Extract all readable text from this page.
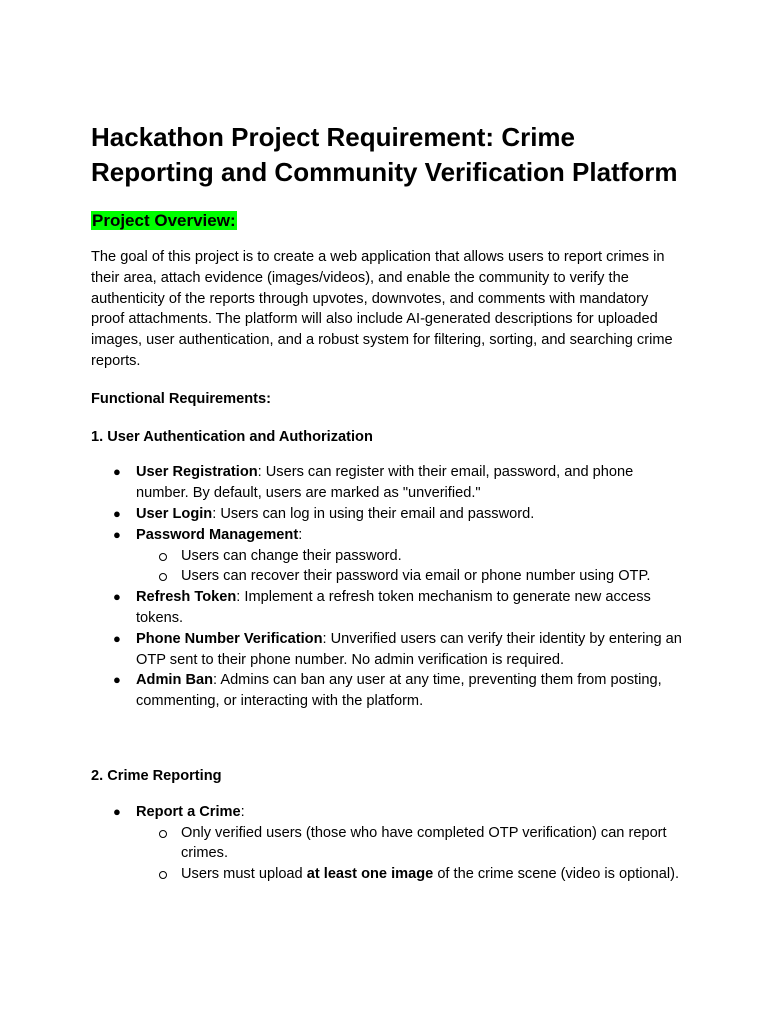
Hackathon Project Requirement: Crime Reporting and Community Verification Platform
Project Overview:
The goal of this project is to create a web application that allows users to report crimes in their area, attach evidence (images/videos), and enable the community to verify the authenticity of the reports through upvotes, downvotes, and comments with mandatory proof attachments. The platform will also include AI-generated descriptions for uploaded images, user authentication, and a robust system for filtering, sorting, and searching crime reports.
Functional Requirements:
1. User Authentication and Authorization
● User Registration: Users can register with their email, password, and phone number. By default, users are marked as "unverified."
● User Login: Users can log in using their email and password.
● Password Management:
Users can change their password.
Users can recover their password via email or phone number using OTP.
● Refresh Token: Implement a refresh token mechanism to generate new access tokens.
● Phone Number Verification: Unverified users can verify their identity by entering an OTP sent to their phone number. No admin verification is required.
● Admin Ban: Admins can ban any user at any time, preventing them from posting, commenting, or interacting with the platform.
2. Crime Reporting
● Report a Crime:
Only verified users (those who have completed OTP verification) can report crimes.
Users must upload at least one image of the crime scene (video is optional).
